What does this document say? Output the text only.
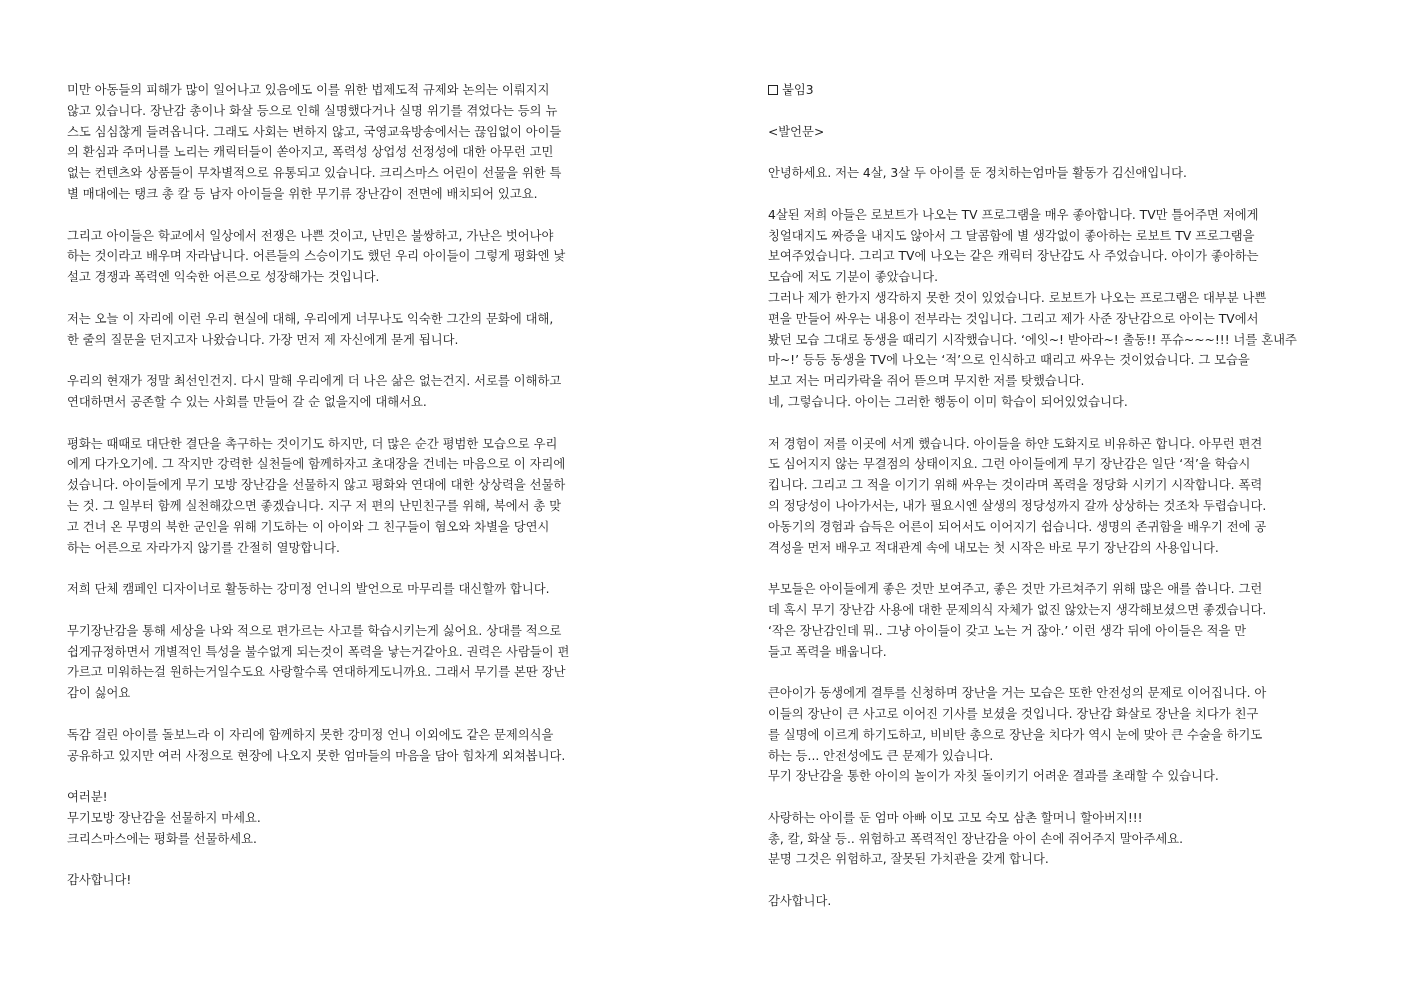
미만 아동들의 피해가 많이 일어나고 있음에도 이를 위한 법제도적 규제와 논의는 이뤄지지
않고 있습니다. 장난감 총이나 화살 등으로 인해 실명했다거나 실명 위기를 겪었다는 등의 뉴
스도 심심찮게 들려옵니다. 그래도 사회는 변하지 않고, 국영교육방송에서는 끊임없이 아이들
의 환심과 주머니를 노리는 캐릭터들이 쏟아지고, 폭력성 상업성 선정성에 대한 아무런 고민
없는 컨텐츠와 상품들이 무차별적으로 유통되고 있습니다. 크리스마스 어린이 선물을 위한 특
별 매대에는 탱크 총 칼 등 남자 아이들을 위한 무기류 장난감이 전면에 배치되어 있고요.
그리고 아이들은 학교에서 일상에서 전쟁은 나쁜 것이고, 난민은 불쌍하고, 가난은 벗어나야
하는 것이라고 배우며 자라납니다. 어른들의 스승이기도 했던 우리 아이들이 그렇게 평화엔 낯
설고 경쟁과 폭력엔 익숙한 어른으로 성장해가는 것입니다.
저는 오늘 이 자리에 이런 우리 현실에 대해, 우리에게 너무나도 익숙한 그간의 문화에 대해,
한 줄의 질문을 던지고자 나왔습니다. 가장 먼저 제 자신에게 묻게 됩니다.
우리의 현재가 정말 최선인건지. 다시 말해 우리에게 더 나은 삶은 없는건지. 서로를 이해하고
연대하면서 공존할 수 있는 사회를 만들어 갈 순 없을지에 대해서요.
평화는 때때로 대단한 결단을 촉구하는 것이기도 하지만, 더 많은 순간 평범한 모습으로 우리
에게 다가오기에. 그 작지만 강력한 실천들에 함께하자고 초대장을 건네는 마음으로 이 자리에
섰습니다. 아이들에게 무기 모방 장난감을 선물하지 않고 평화와 연대에 대한 상상력을 선물하
는 것. 그 일부터 함께 실천해갔으면 좋겠습니다. 지구 저 편의 난민친구를 위해, 북에서 총 맞
고 건너 온 무명의 북한 군인을 위해 기도하는 이 아이와 그 친구들이 혐오와 차별을 당연시
하는 어른으로 자라가지 않기를 간절히 열망합니다.
저희 단체 캠페인 디자이너로 활동하는 강미정 언니의 발언으로 마무리를 대신할까 합니다.
무기장난감을 통해 세상을 나와 적으로 편가르는 사고를 학습시키는게 싫어요. 상대를 적으로
쉽게규정하면서 개별적인 특성을 불수없게 되는것이 폭력을 낳는거같아요. 권력은 사람들이 편
가르고 미워하는걸 원하는거일수도요 사랑할수록 연대하게도니까요. 그래서 무기를 본딴 장난
감이 싫어요
독감 걸린 아이를 돌보느라 이 자리에 함께하지 못한 강미정 언니 이외에도 같은 문제의식을
공유하고 있지만 여러 사정으로 현장에 나오지 못한 엄마들의 마음을 담아 힘차게 외쳐봅니다.
여러분!
무기모방 장난감을 선물하지 마세요.
크리스마스에는 평화를 선물하세요.
감사합니다!
붙임3
<발언문>
안녕하세요. 저는 4살, 3살 두 아이를 둔 정치하는엄마들 활동가 김신애입니다.
4살된 저희 아들은 로보트가 나오는 TV 프로그램을 매우 좋아합니다. TV만 틀어주면 저에게
칭얼대지도 짜증을 내지도 않아서 그 달콤함에 별 생각없이 좋아하는 로보트 TV 프로그램을
보여주었습니다. 그리고 TV에 나오는 같은 캐릭터 장난감도 사 주었습니다. 아이가 좋아하는
모습에 저도 기분이 좋았습니다.
그러나 제가 한가지 생각하지 못한 것이 있었습니다. 로보트가 나오는 프로그램은 대부분 나쁜
편을 만들어 싸우는 내용이 전부라는 것입니다. 그리고 제가 사준 장난감으로 아이는 TV에서
봤던 모습 그대로 동생을 때리기 시작했습니다. ‘에잇~! 받아라~! 출동!! 푸슈~~~!!! 너를 혼내주
마~!’ 등등 동생을 TV에 나오는 ‘적’으로 인식하고 때리고 싸우는 것이었습니다. 그 모습을
보고 저는 머리카락을 쥐어 뜯으며 무지한 저를 탓했습니다.
네, 그렇습니다. 아이는 그러한 행동이 이미 학습이 되어있었습니다.
저 경험이 저를 이곳에 서게 했습니다. 아이들을 하얀 도화지로 비유하곤 합니다. 아무런 편견
도 심어지지 않는 무결점의 상태이지요. 그런 아이들에게 무기 장난감은 일단 ‘적’을 학습시
킵니다. 그리고 그 적을 이기기 위해 싸우는 것이라며 폭력을 정당화 시키기 시작합니다. 폭력
의 정당성이 나아가서는, 내가 필요시엔 살생의 정당성까지 갈까 상상하는 것조차 두렵습니다.
아동기의 경험과 습득은 어른이 되어서도 이어지기 쉽습니다. 생명의 존귀함을 배우기 전에 공
격성을 먼저 배우고 적대관계 속에 내모는 첫 시작은 바로 무기 장난감의 사용입니다.
부모들은 아이들에게 좋은 것만 보여주고, 좋은 것만 가르쳐주기 위해 많은 애를 씁니다. 그런
데 혹시 무기 장난감 사용에 대한 문제의식 자체가 없진 않았는지 생각해보셨으면 좋겠습니다.
‘작은 장난감인데 뭐.. 그냥 아이들이 갖고 노는 거 잖아.’ 이런 생각 뒤에 아이들은 적을 만
들고 폭력을 배웁니다.
큰아이가 동생에게 결투를 신청하며 장난을 거는 모습은 또한 안전성의 문제로 이어집니다. 아
이들의 장난이 큰 사고로 이어진 기사를 보셨을 것입니다. 장난감 화살로 장난을 치다가 친구
를 실명에 이르게 하기도하고, 비비탄 총으로 장난을 치다가 역시 눈에 맞아 큰 수술을 하기도
하는 등... 안전성에도 큰 문제가 있습니다.
무기 장난감을 통한 아이의 놀이가 자칫 돌이키기 어려운 결과를 초래할 수 있습니다.
사랑하는 아이를 둔 엄마 아빠 이모 고모 숙모 삼촌 할머니 할아버지!!!
총, 칼, 화살 등.. 위험하고 폭력적인 장난감을 아이 손에 쥐어주지 말아주세요.
분명 그것은 위험하고, 잘못된 가치관을 갖게 합니다.
감사합니다.
